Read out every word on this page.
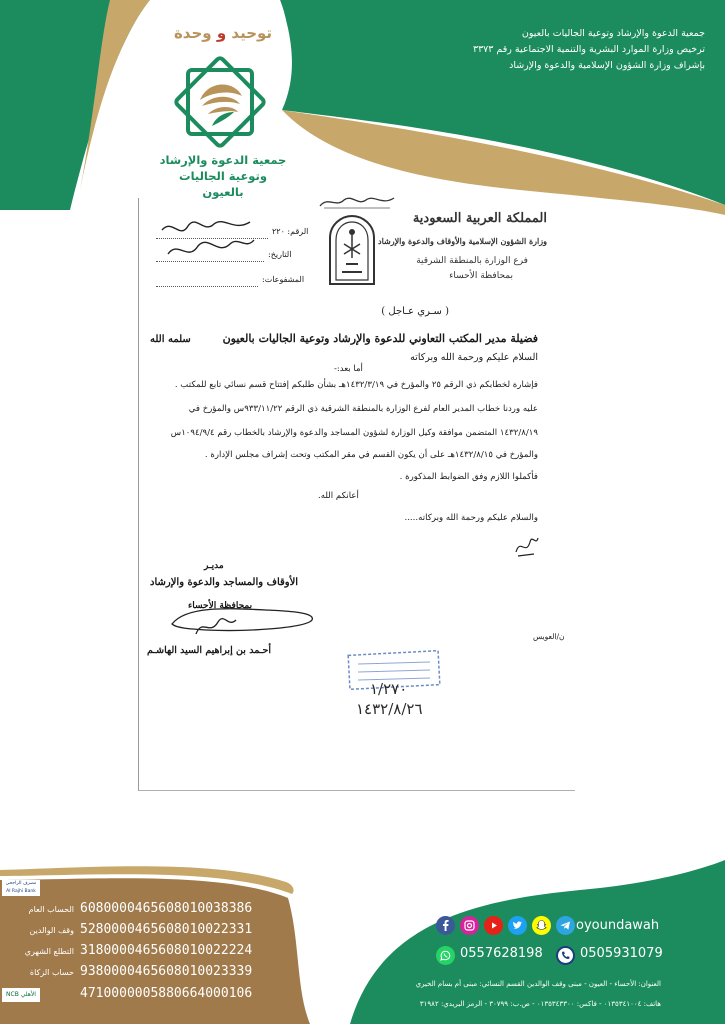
جمعية الدعوة والإرشاد وتوعية الجاليات بالعيون
ترخيص وزارة الموارد البشرية والتنمية الاجتماعية رقم ٣٣٧٣
بإشراف وزارة الشؤون الإسلامية والدعوة والإرشاد
توحيد و وحدة
جمعية الدعوة والإرشاد
وتوعية الجاليات بالعيون
المملكة العربية السعودية
وزارة الشؤون الإسلامية والأوقاف والدعوة والإرشاد
فرع الوزارة بالمنطقة الشرقية
بمحافظة الأحساء
الرقم: ٢٢٠
التاريخ:
المشفوعات:
( سـري عـاجل )
فضيلة مدير المكتب التعاوني للدعوة والإرشاد وتوعية الجاليات بالعيون
سلمه الله
السلام عليكم ورحمة الله وبركاته
أما بعد:-
فإشارة لخطابكم ذي الرقم ٢٥ والمؤرخ في ١٤٣٢/٣/١٩هـ بشأن طلبكم إفتتاح قسم نسائي تابع للمكتب .
عليه وردنا خطاب المدير العام لفرع الوزارة بالمنطقة الشرقية ذي الرقم ٩٣٣/١١/٢٢س والمؤرخ في
١٤٣٢/٨/١٩ المتضمن موافقة وكيل الوزارة لشؤون المساجد والدعوة والإرشاد بالخطاب رقم ١٠٩٤/٩/٤س
والمؤرخ في ١٤٣٢/٨/١٥هـ على أن يكون القسم في مقر المكتب وتحت إشراف مجلس الإدارة .
فأكملوا اللازم وفق الضوابط المذكورة .
أعانكم الله.
والسلام عليكم ورحمة الله وبركاته.....
مديـر
الأوقاف والمساجد والدعوة والإرشاد
بمحافظة الأحساء
أحـمد بن إبراهيم السيد الهاشـم
ن/العويس
١/٢٧٠
١٤٣٢/٨/٢٦
مصرف الراجحي
Al Rajhi Bank
NCB الأهلي
الحساب العام 6080000465608010038386
وقف الوالدين 5280000465608010022331
التطلع الشهري 3180000465608010022224
حساب الزكاة 9380000465608010023339
4710000005880664000106
oyoundawah
0557628198	0505931079
العنوان: الأحساء - العيون - مبنى وقف الوالدين القسم النسائي: مبنى أم بسام الخيري
هاتف: ٠١٣٥٣٤١٠٠٤ - فاكس: ٠١٣٥٣٤٣٣٠٠ - ص.ب: ٣٠٧٩٩ - الرمز البريدي: ٣١٩٨٢
